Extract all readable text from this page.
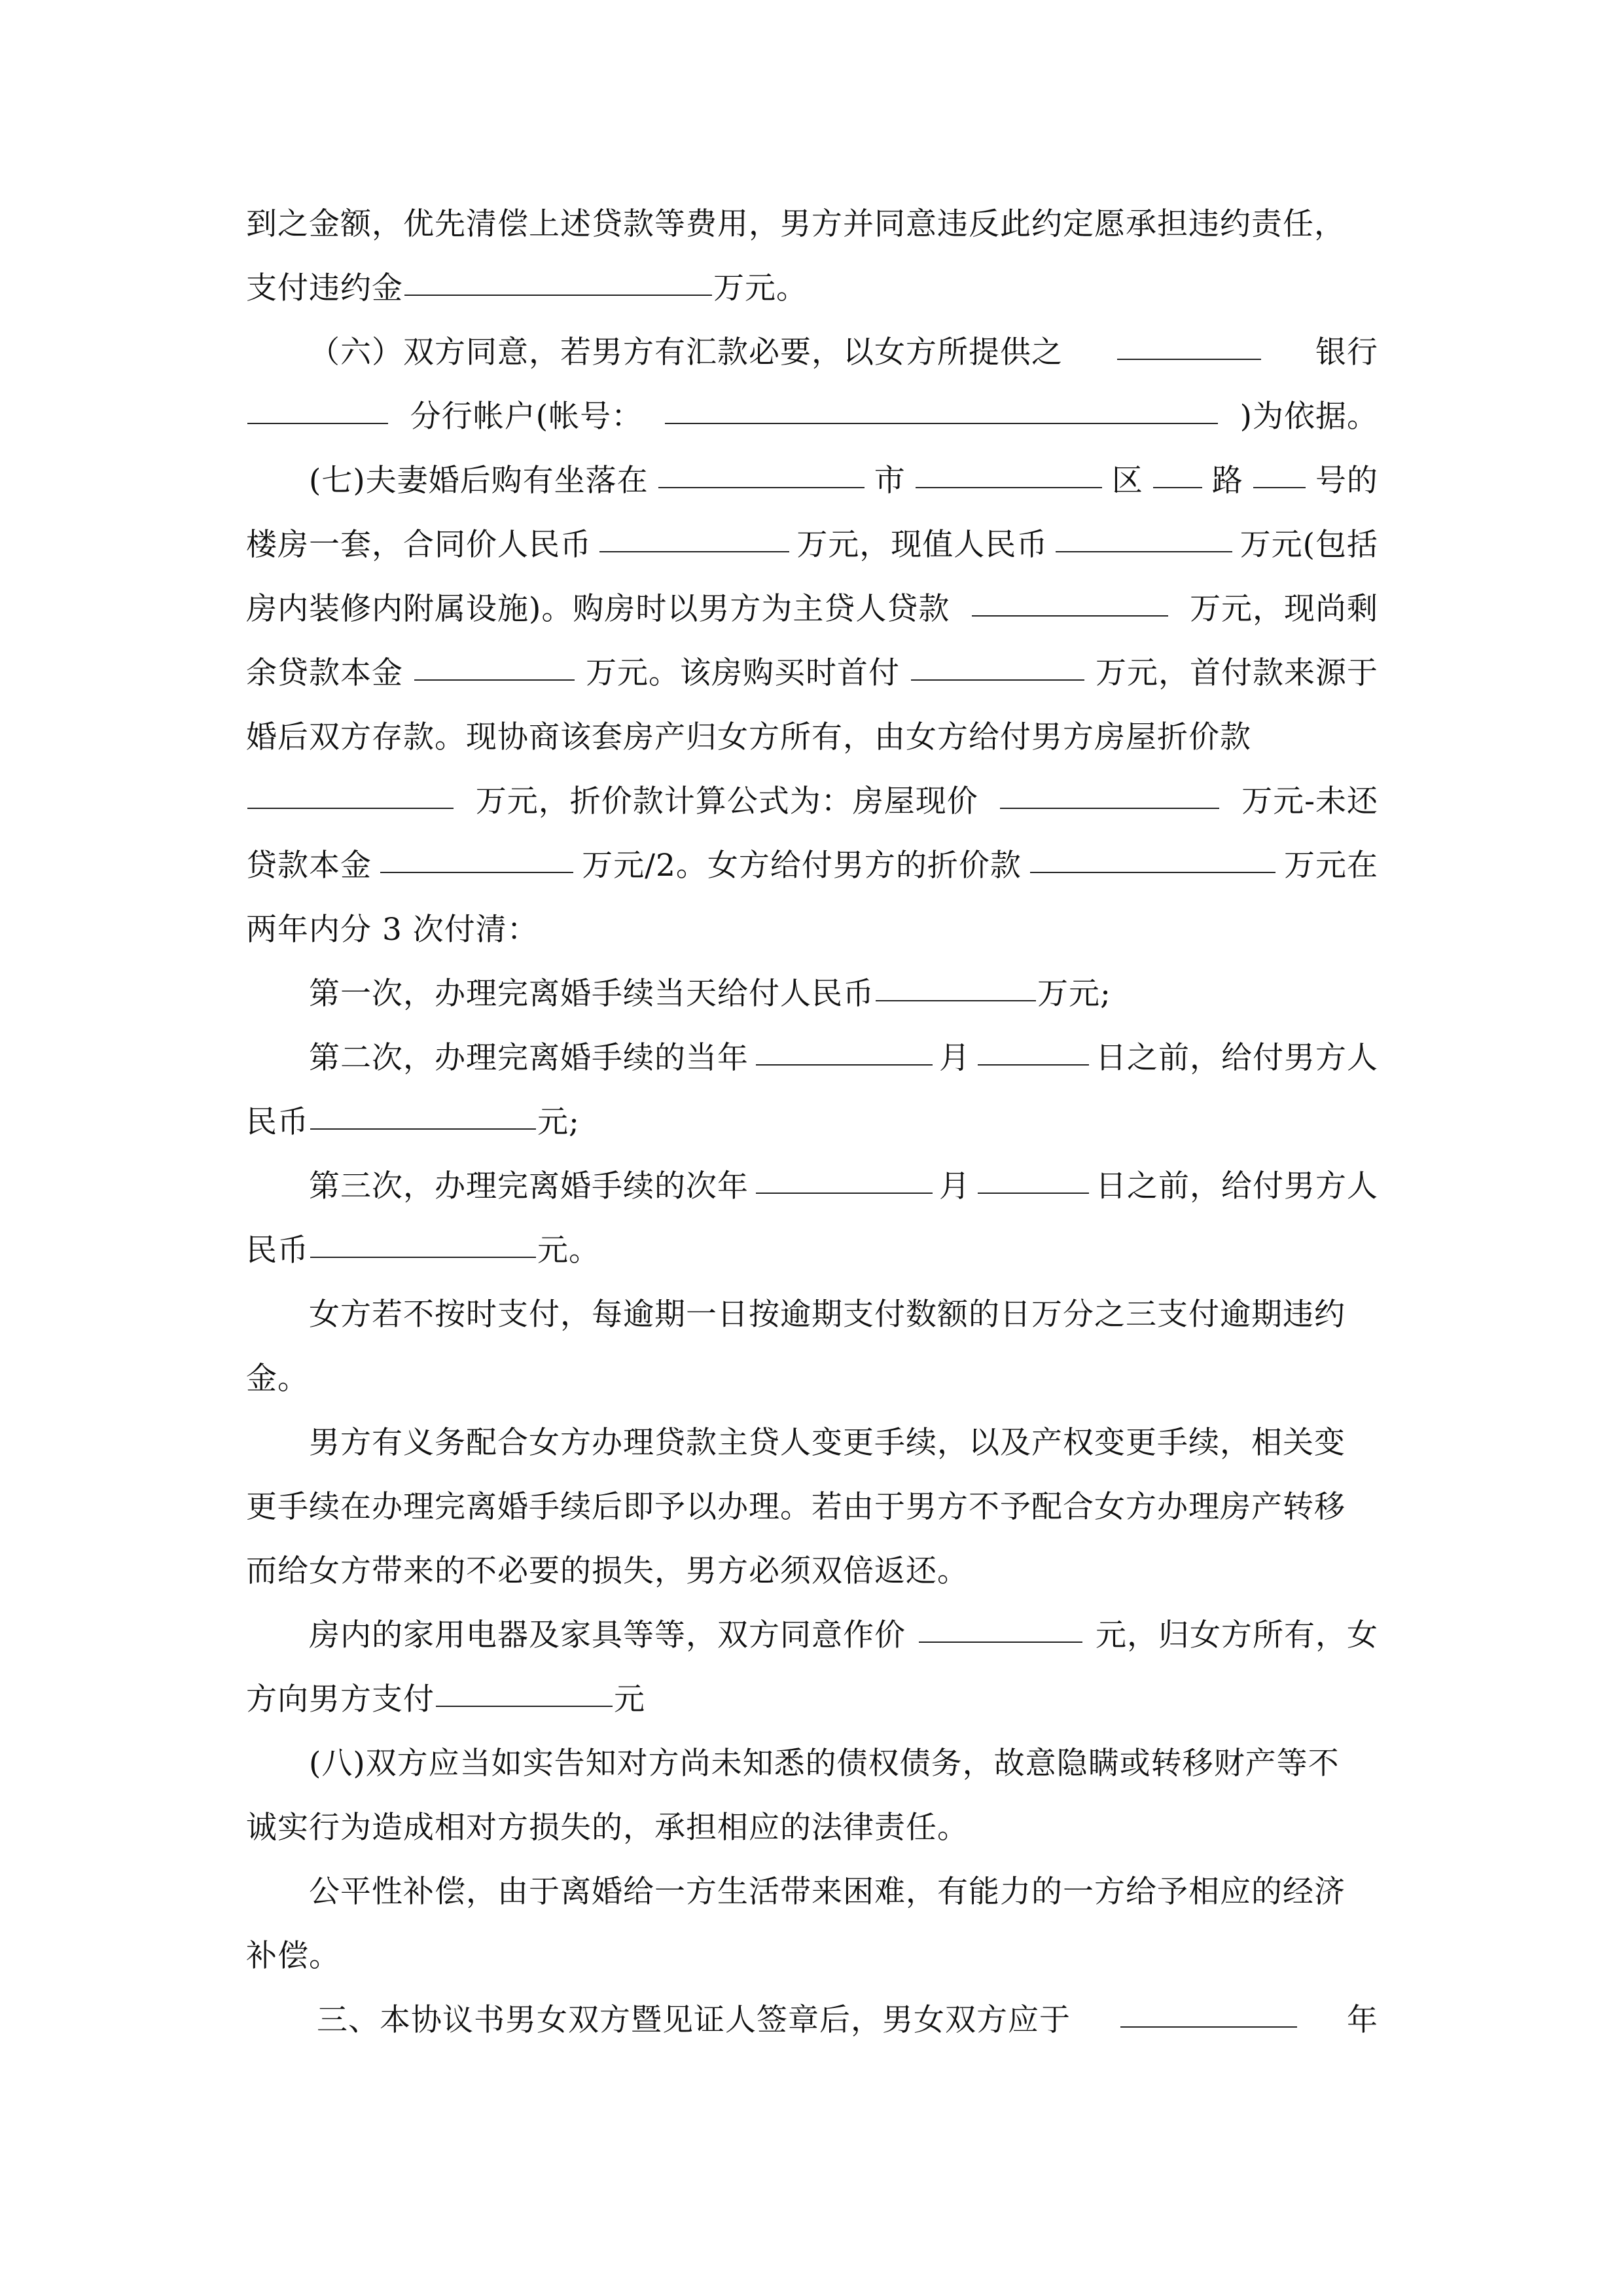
到之金额，优先清偿上述贷款等费用，男方并同意违反此约定愿承担违约责任，
支付违约金	万元。
（六）双方同意，若男方有汇款必要，以女方所提供之	银行
分行帐户(帐号：	)为依据。
(七)夫妻婚后购有坐落在	市	区 路 号的
楼房一套，合同价人民币	万元，现值人民币	万元(包括
房内装修内附属设施)。购房时以男方为主贷人贷款	万元，现尚剩
余贷款本金	万元。该房购买时首付	万元，首付款来源于
婚后双方存款。现协商该套房产归女方所有，由女方给付男方房屋折价款
万元，折价款计算公式为：房屋现价	万元-未还
贷款本金	万元/2。女方给付男方的折价款	万元在
两年内分 3 次付清：
第一次，办理完离婚手续当天给付人民币	万元;
第二次，办理完离婚手续的当年	月	日之前，给付男方人
民币	元;
第三次，办理完离婚手续的次年	月	日之前，给付男方人
民币	元。
女方若不按时支付，每逾期一日按逾期支付数额的日万分之三支付逾期违约
金。
男方有义务配合女方办理贷款主贷人变更手续，以及产权变更手续，相关变
更手续在办理完离婚手续后即予以办理。若由于男方不予配合女方办理房产转移
而给女方带来的不必要的损失，男方必须双倍返还。
房内的家用电器及家具等等，双方同意作价	元，归女方所有，女
方向男方支付	元
(八)双方应当如实告知对方尚未知悉的债权债务，故意隐瞒或转移财产等不
诚实行为造成相对方损失的，承担相应的法律责任。
公平性补偿，由于离婚给一方生活带来困难，有能力的一方给予相应的经济
补偿。
三、本协议书男女双方暨见证人签章后，男女双方应于	年
